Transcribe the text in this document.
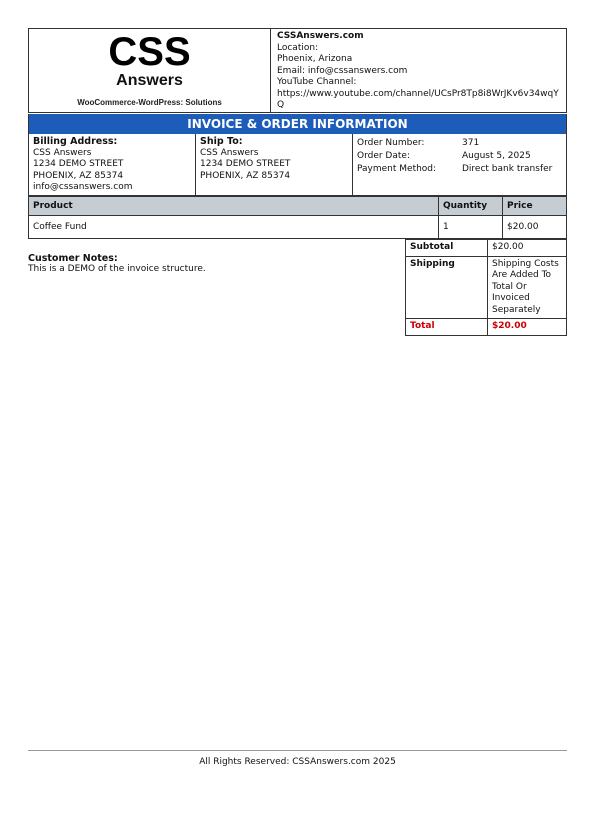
CSS
Answers
WooCommerce-WordPress: Solutions
CSSAnswers.com
Location:
Phoenix, Arizona
Email: info@cssanswers.com
YouTube Channel:
https://www.youtube.com/channel/UCsPr8Tp8i8WrJKv6v34wqYQ
INVOICE & ORDER INFORMATION
Billing Address:
CSS Answers
1234 DEMO STREET
PHOENIX, AZ 85374
info@cssanswers.com
Ship To:
CSS Answers
1234 DEMO STREET
PHOENIX, AZ 85374
Order Number:	371
Order Date:	August 5, 2025
Payment Method:	Direct bank transfer
Product	Quantity	Price
Coffee Fund	1	$20.00
Customer Notes:
This is a DEMO of the invoice structure.
Subtotal	$20.00
Shipping	Shipping Costs Are Added To Total Or Invoiced Separately
Total	$20.00
All Rights Reserved: CSSAnswers.com 2025
